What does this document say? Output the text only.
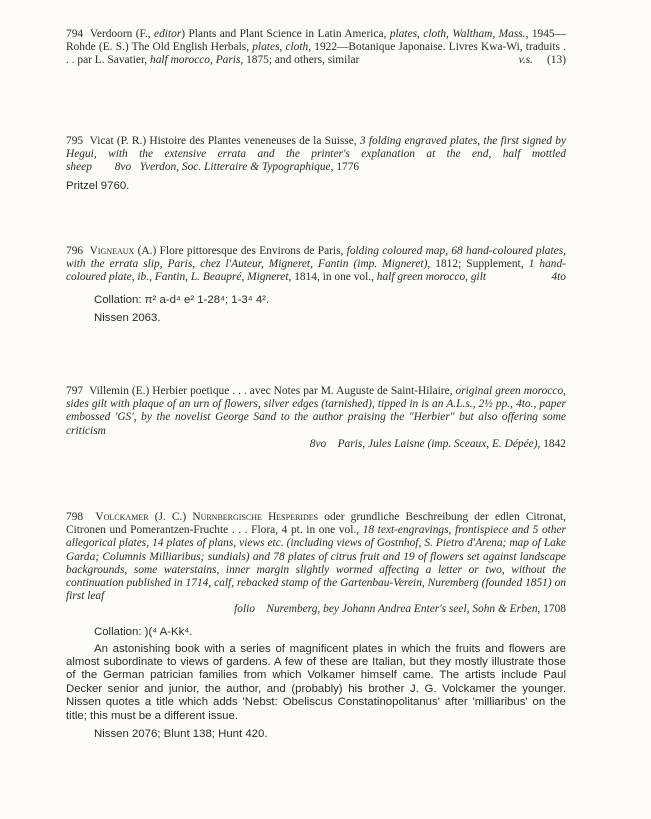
794 Verdoorn (F., editor) Plants and Plant Science in Latin America, plates, cloth, Waltham, Mass., 1945—Rohde (E. S.) The Old English Herbals, plates, cloth, 1922—Botanique Japonaise. Livres Kwa-Wi, traduits . . . par L. Savatier, half morocco, Paris, 1875; and others, similar	v.s. (13)

795 Vicat (P. R.) Histoire des Plantes veneneuses de la Suisse, 3 folding engraved plates, the first signed by Hegui, with the extensive errata and the printer's explanation at the end, half mottled sheep 8vo Yverdon, Soc. Litteraire & Typographique, 1776

Pritzel 9760.

796 Vigneaux (A.) Flore pittoresque des Environs de Paris, folding coloured map, 68 hand-coloured plates, with the errata slip, Paris, chez l'Auteur, Migneret, Fantin (imp. Migneret), 1812; Supplement, 1 hand-coloured plate, ib., Fantin, L. Beaupré, Migneret, 1814, in one vol., half green morocco, gilt	4to

Collation: π² a-d⁴ e² 1-28⁴; 1-3⁴ 4².

Nissen 2063.

797 Villemin (E.) Herbier poetique . . . avec Notes par M. Auguste de Saint-Hilaire, original green morocco, sides gilt with plaque of an urn of flowers, silver edges (tarnished), tipped in is an A.L.s., 2½ pp., 4to., paper embossed 'GS', by the novelist George Sand to the author praising the "Herbier" but also offering some criticism

8vo Paris, Jules Laisne (imp. Sceaux, E. Dépée), 1842

798 Volckamer (J. C.) Nurnbergische Hesperides oder grundliche Beschreibung der edlen Citronat, Citronen und Pomerantzen-Fruchte . . . Flora, 4 pt. in one vol., 18 text-engravings, frontispiece and 5 other allegorical plates, 14 plates of plans, views etc. (including views of Gostnhof, S. Pietro d'Arena; map of Lake Garda; Columnis Milliaribus; sundials) and 78 plates of citrus fruit and 19 of flowers set against landscape backgrounds, some waterstains, inner margin slightly wormed affecting a letter or two, without the continuation published in 1714, calf, rebacked stamp of the Gartenbau-Verein, Nuremberg (founded 1851) on first leaf

folio Nuremberg, bey Johann Andrea Enter's seel, Sohn & Erben, 1708

Collation: )(⁴ A-Kk⁴.

An astonishing book with a series of magnificent plates in which the fruits and flowers are almost subordinate to views of gardens. A few of these are Italian, but they mostly illustrate those of the German patrician families from which Volkamer himself came. The artists include Paul Decker senior and junior, the author, and (probably) his brother J. G. Volckamer the younger. Nissen quotes a title which adds 'Nebst: Obeliscus Constatinopolitanus' after 'milliaribus' on the title; this must be a different issue.

Nissen 2076; Blunt 138; Hunt 420.
